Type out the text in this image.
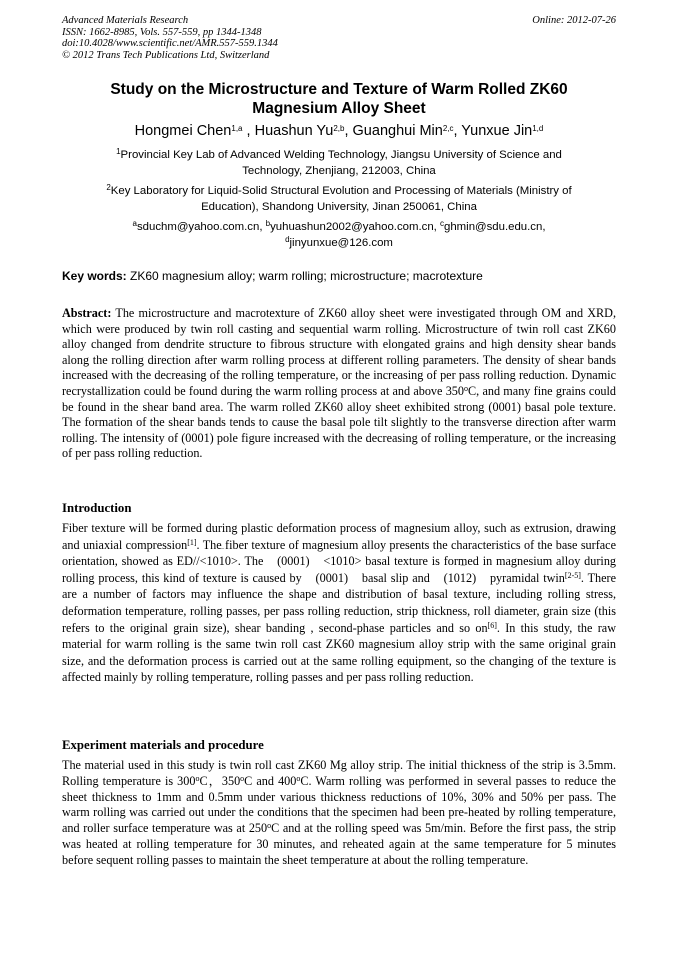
Advanced Materials Research
ISSN: 1662-8985, Vols. 557-559, pp 1344-1348
doi:10.4028/www.scientific.net/AMR.557-559.1344
© 2012 Trans Tech Publications Ltd, Switzerland
Online: 2012-07-26
Study on the Microstructure and Texture of Warm Rolled ZK60
Magnesium Alloy Sheet
Hongmei Chen$^{1,a}$ , Huashun Yu$^{2,b}$, Guanghui Min$^{2,c}$, Yunxue Jin$^{1,d}$
$^1$Provincial Key Lab of Advanced Welding Technology, Jiangsu University of Science and
Technology, Zhenjiang, 212003, China
$^2$Key Laboratory for Liquid-Solid Structural Evolution and Processing of Materials (Ministry of
Education), Shandong University, Jinan 250061, China
$^a$sduchm@yahoo.com.cn, $^b$yuhuashun2002@yahoo.com.cn, $^c$ghmin@sdu.edu.cn,
$^d$jinyunxue@126.com
Key words: ZK60 magnesium alloy; warm rolling; microstructure; macrotexture
Abstract: The microstructure and macrotexture of ZK60 alloy sheet were investigated through OM and XRD, which were produced by twin roll casting and sequential warm rolling. Microstructure of twin roll cast ZK60 alloy changed from dendrite structure to fibrous structure with elongated grains and high density shear bands along the rolling direction after warm rolling process at different rolling parameters. The density of shear bands increased with the decreasing of the rolling temperature, or the increasing of per pass rolling reduction. Dynamic recrystallization could be found during the warm rolling process at and above 350$^o$C, and many fine grains could be found in the shear band area. The warm rolled ZK60 alloy sheet exhibited strong (0001) basal pole texture. The formation of the shear bands tends to cause the basal pole tilt slightly to the transverse direction after warm rolling. The intensity of (0001) pole figure increased with the decreasing of rolling temperature, or the increasing of per pass rolling reduction.
Introduction
Fiber texture will be formed during plastic deformation process of magnesium alloy, such as extrusion, drawing and uniaxial compression[1]. The fiber texture of magnesium alloy presents the characteristics of the base surface orientation, showed as ED//<10¯ 10>. The　(0001)　<10¯ 10> basal texture is formed in magnesium alloy during rolling process, this kind of texture is caused by　(0001)　basal slip and　(10¯ 12)　pyramidal twin[2-5]. There are a number of factors may influence the shape and distribution of basal texture, including rolling stress, deformation temperature, rolling passes, per pass rolling reduction, strip thickness, roll diameter, grain size (this refers to the original grain size), shear banding , second-phase particles and so on[6]. In this study, the raw material for warm rolling is the same twin roll cast ZK60 magnesium alloy strip with the same original grain size, and the deformation process is carried out at the same rolling equipment, so the changing of the texture is affected mainly by rolling temperature, rolling passes and per pass rolling reduction.
Experiment materials and procedure
The material used in this study is twin roll cast ZK60 Mg alloy strip. The initial thickness of the strip is 3.5mm. Rolling temperature is 300$^o$C，350$^o$C and 400$^o$C. Warm rolling was performed in several passes to reduce the sheet thickness to 1mm and 0.5mm under various thickness reductions of 10%, 30% and 50% per pass. The warm rolling was carried out under the conditions that the specimen had been pre-heated by rolling temperature, and roller surface temperature was at 250$^o$C and at the rolling speed was 5m/min. Before the first pass, the strip was heated at rolling temperature for 30 minutes, and reheated again at the same temperature for 5 minutes before sequent rolling passes to maintain the sheet temperature at about the rolling temperature.
